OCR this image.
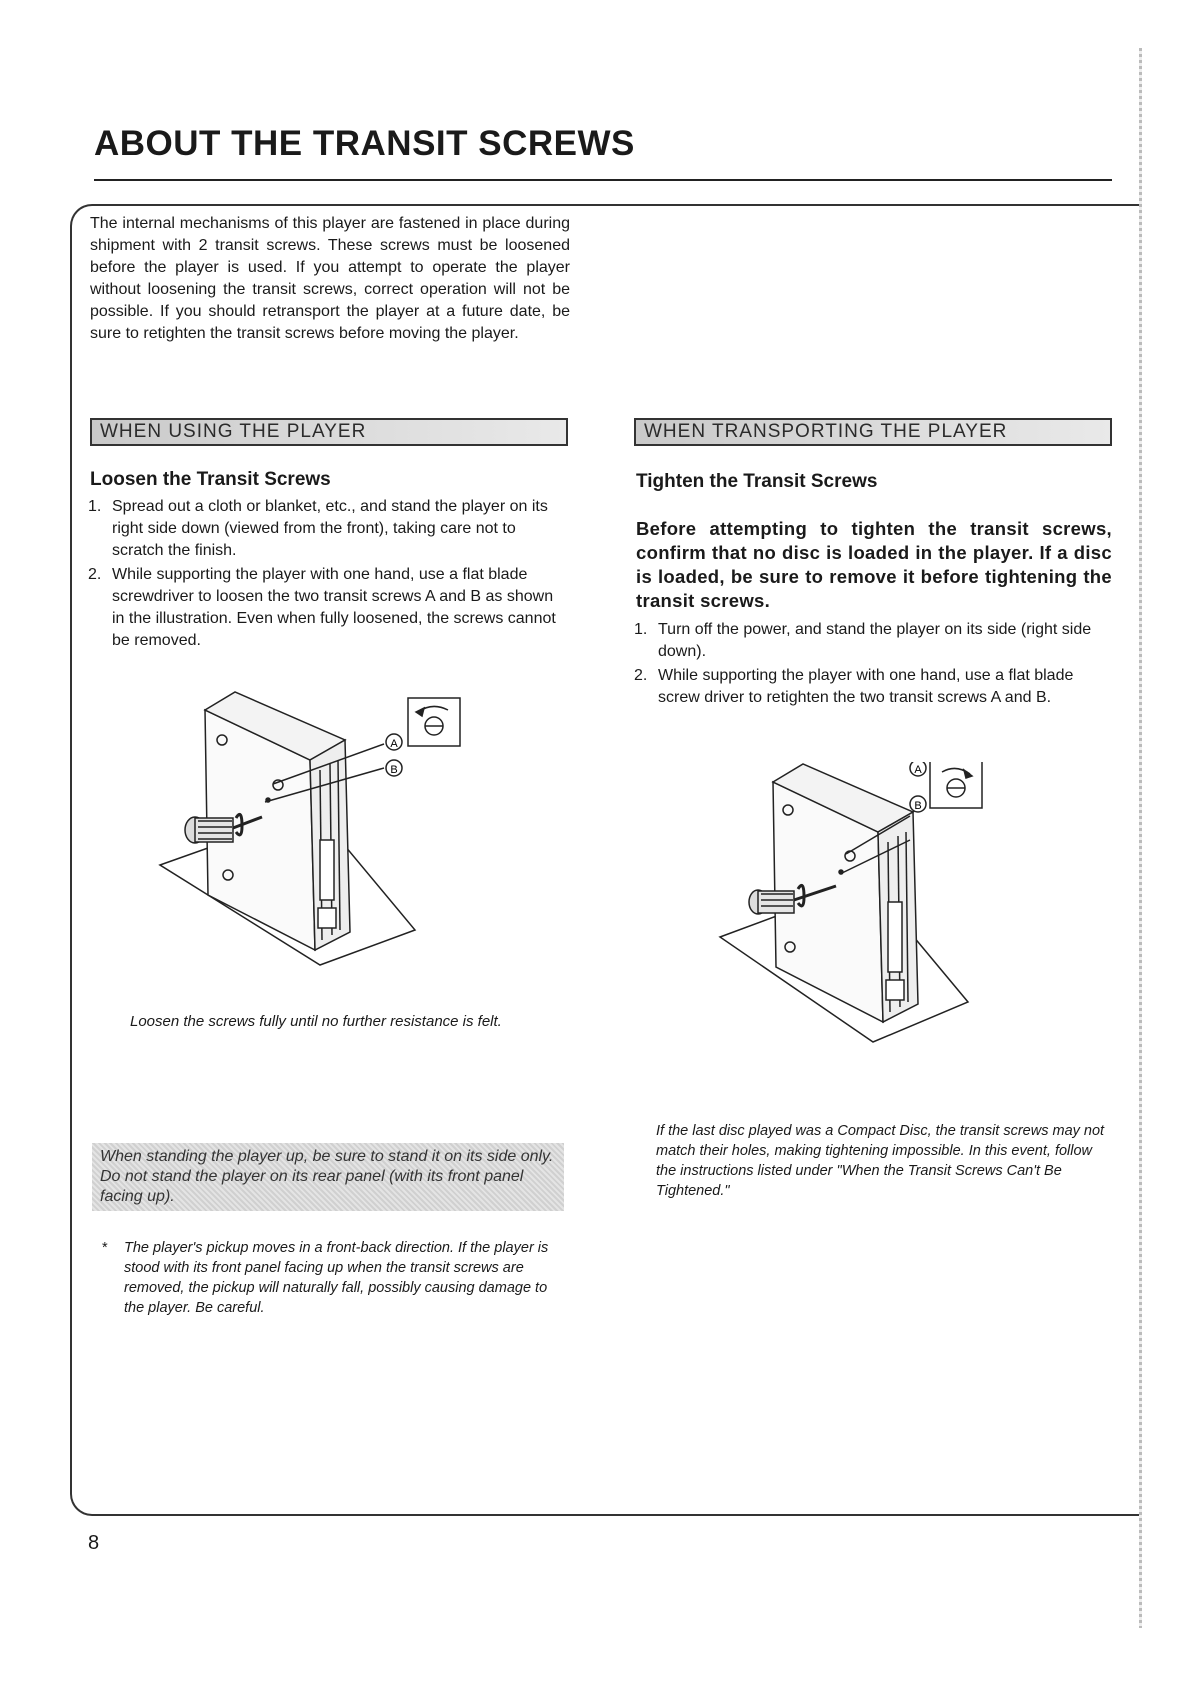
ABOUT THE TRANSIT SCREWS

The internal mechanisms of this player are fastened in place during shipment with 2 transit screws. These screws must be loosened before the player is used. If you attempt to operate the player without loosening the transit screws, correct operation will not be possible. If you should retransport the player at a future date, be sure to retighten the transit screws before moving the player.

WHEN USING THE PLAYER
Loosen the Transit Screws
1. Spread out a cloth or blanket, etc., and stand the player on its right side down (viewed from the front), taking care not to scratch the finish.
2. While supporting the player with one hand, use a flat blade screwdriver to loosen the two transit screws A and B as shown in the illustration. Even when fully loosened, the screws cannot be removed.
A
B
Loosen the screws fully until no further resistance is felt.
When standing the player up, be sure to stand it on its side only. Do not stand the player on its rear panel (with its front panel facing up).
*	The player's pickup moves in a front-back direction. If the player is stood with its front panel facing up when the transit screws are removed, the pickup will naturally fall, possibly causing damage to the player. Be careful.
WHEN TRANSPORTING THE PLAYER
Tighten the Transit Screws

Before attempting to tighten the transit screws, confirm that no disc is loaded in the player. If a disc is loaded, be sure to remove it before tightening the transit screws.

1. Turn off the power, and stand the player on its side (right side down).
2. While supporting the player with one hand, use a flat blade screw driver to retighten the two transit screws A and B.
A
B
If the last disc played was a Compact Disc, the transit screws may not match their holes, making tightening impossible. In this event, follow the instructions listed under "When the Transit Screws Can't Be Tightened."
8
